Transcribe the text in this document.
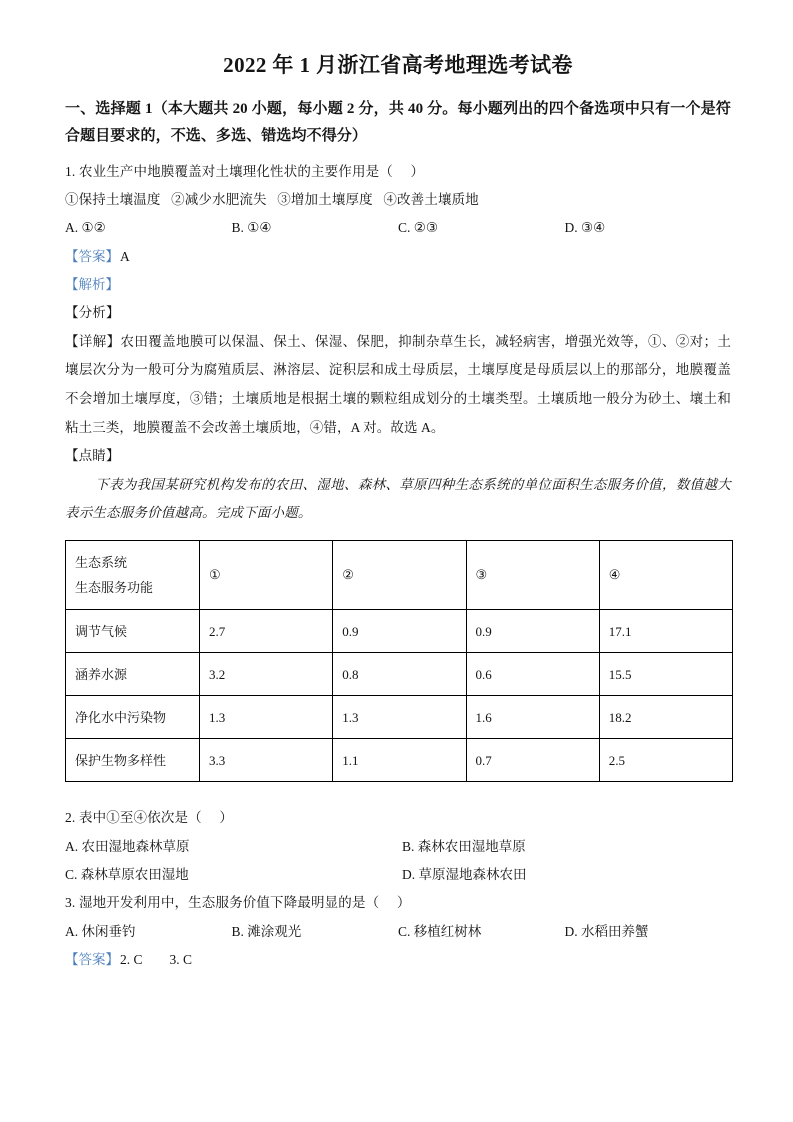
2022 年 1 月浙江省高考地理选考试卷

一、选择题 1（本大题共 20 小题，每小题 2 分，共 40 分。每小题列出的四个备选项中只有一个是符合题目要求的，不选、多选、错选均不得分）

1. 农业生产中地膜覆盖对土壤理化性状的主要作用是（     ）

①保持土壤温度   ②减少水肥流失   ③增加土壤厚度   ④改善土壤质地

A. ①②	B. ①④	C. ②③	D. ③④

【答案】A

【解析】

【分析】

【详解】农田覆盖地膜可以保温、保土、保湿、保肥，抑制杂草生长，减轻病害，增强光效等，①、②对；土壤层次分为一般可分为腐殖质层、淋溶层、淀积层和成土母质层，土壤厚度是母质层以上的那部分，地膜覆盖不会增加土壤厚度，③错；土壤质地是根据土壤的颗粒组成划分的土壤类型。土壤质地一般分为砂土、壤土和粘土三类，地膜覆盖不会改善土壤质地，④错，A 对。故选 A。

【点睛】

下表为我国某研究机构发布的农田、湿地、森林、草原四种生态系统的单位面积生态服务价值，数值越大表示生态服务价值越高。完成下面小题。

生态系统
生态服务功能	①	②	③	④
调节气候	2.7	0.9	0.9	17.1
涵养水源	3.2	0.8	0.6	15.5
净化水中污染物	1.3	1.3	1.6	18.2
保护生物多样性	3.3	1.1	0.7	2.5

2. 表中①至④依次是（     ）

A. 农田湿地森林草原	B. 森林农田湿地草原
C. 森林草原农田湿地	D. 草原湿地森林农田

3. 湿地开发利用中，生态服务价值下降最明显的是（     ）

A. 休闲垂钓	B. 滩涂观光	C. 移植红树林	D. 水稻田养蟹

【答案】2. C 3. C
